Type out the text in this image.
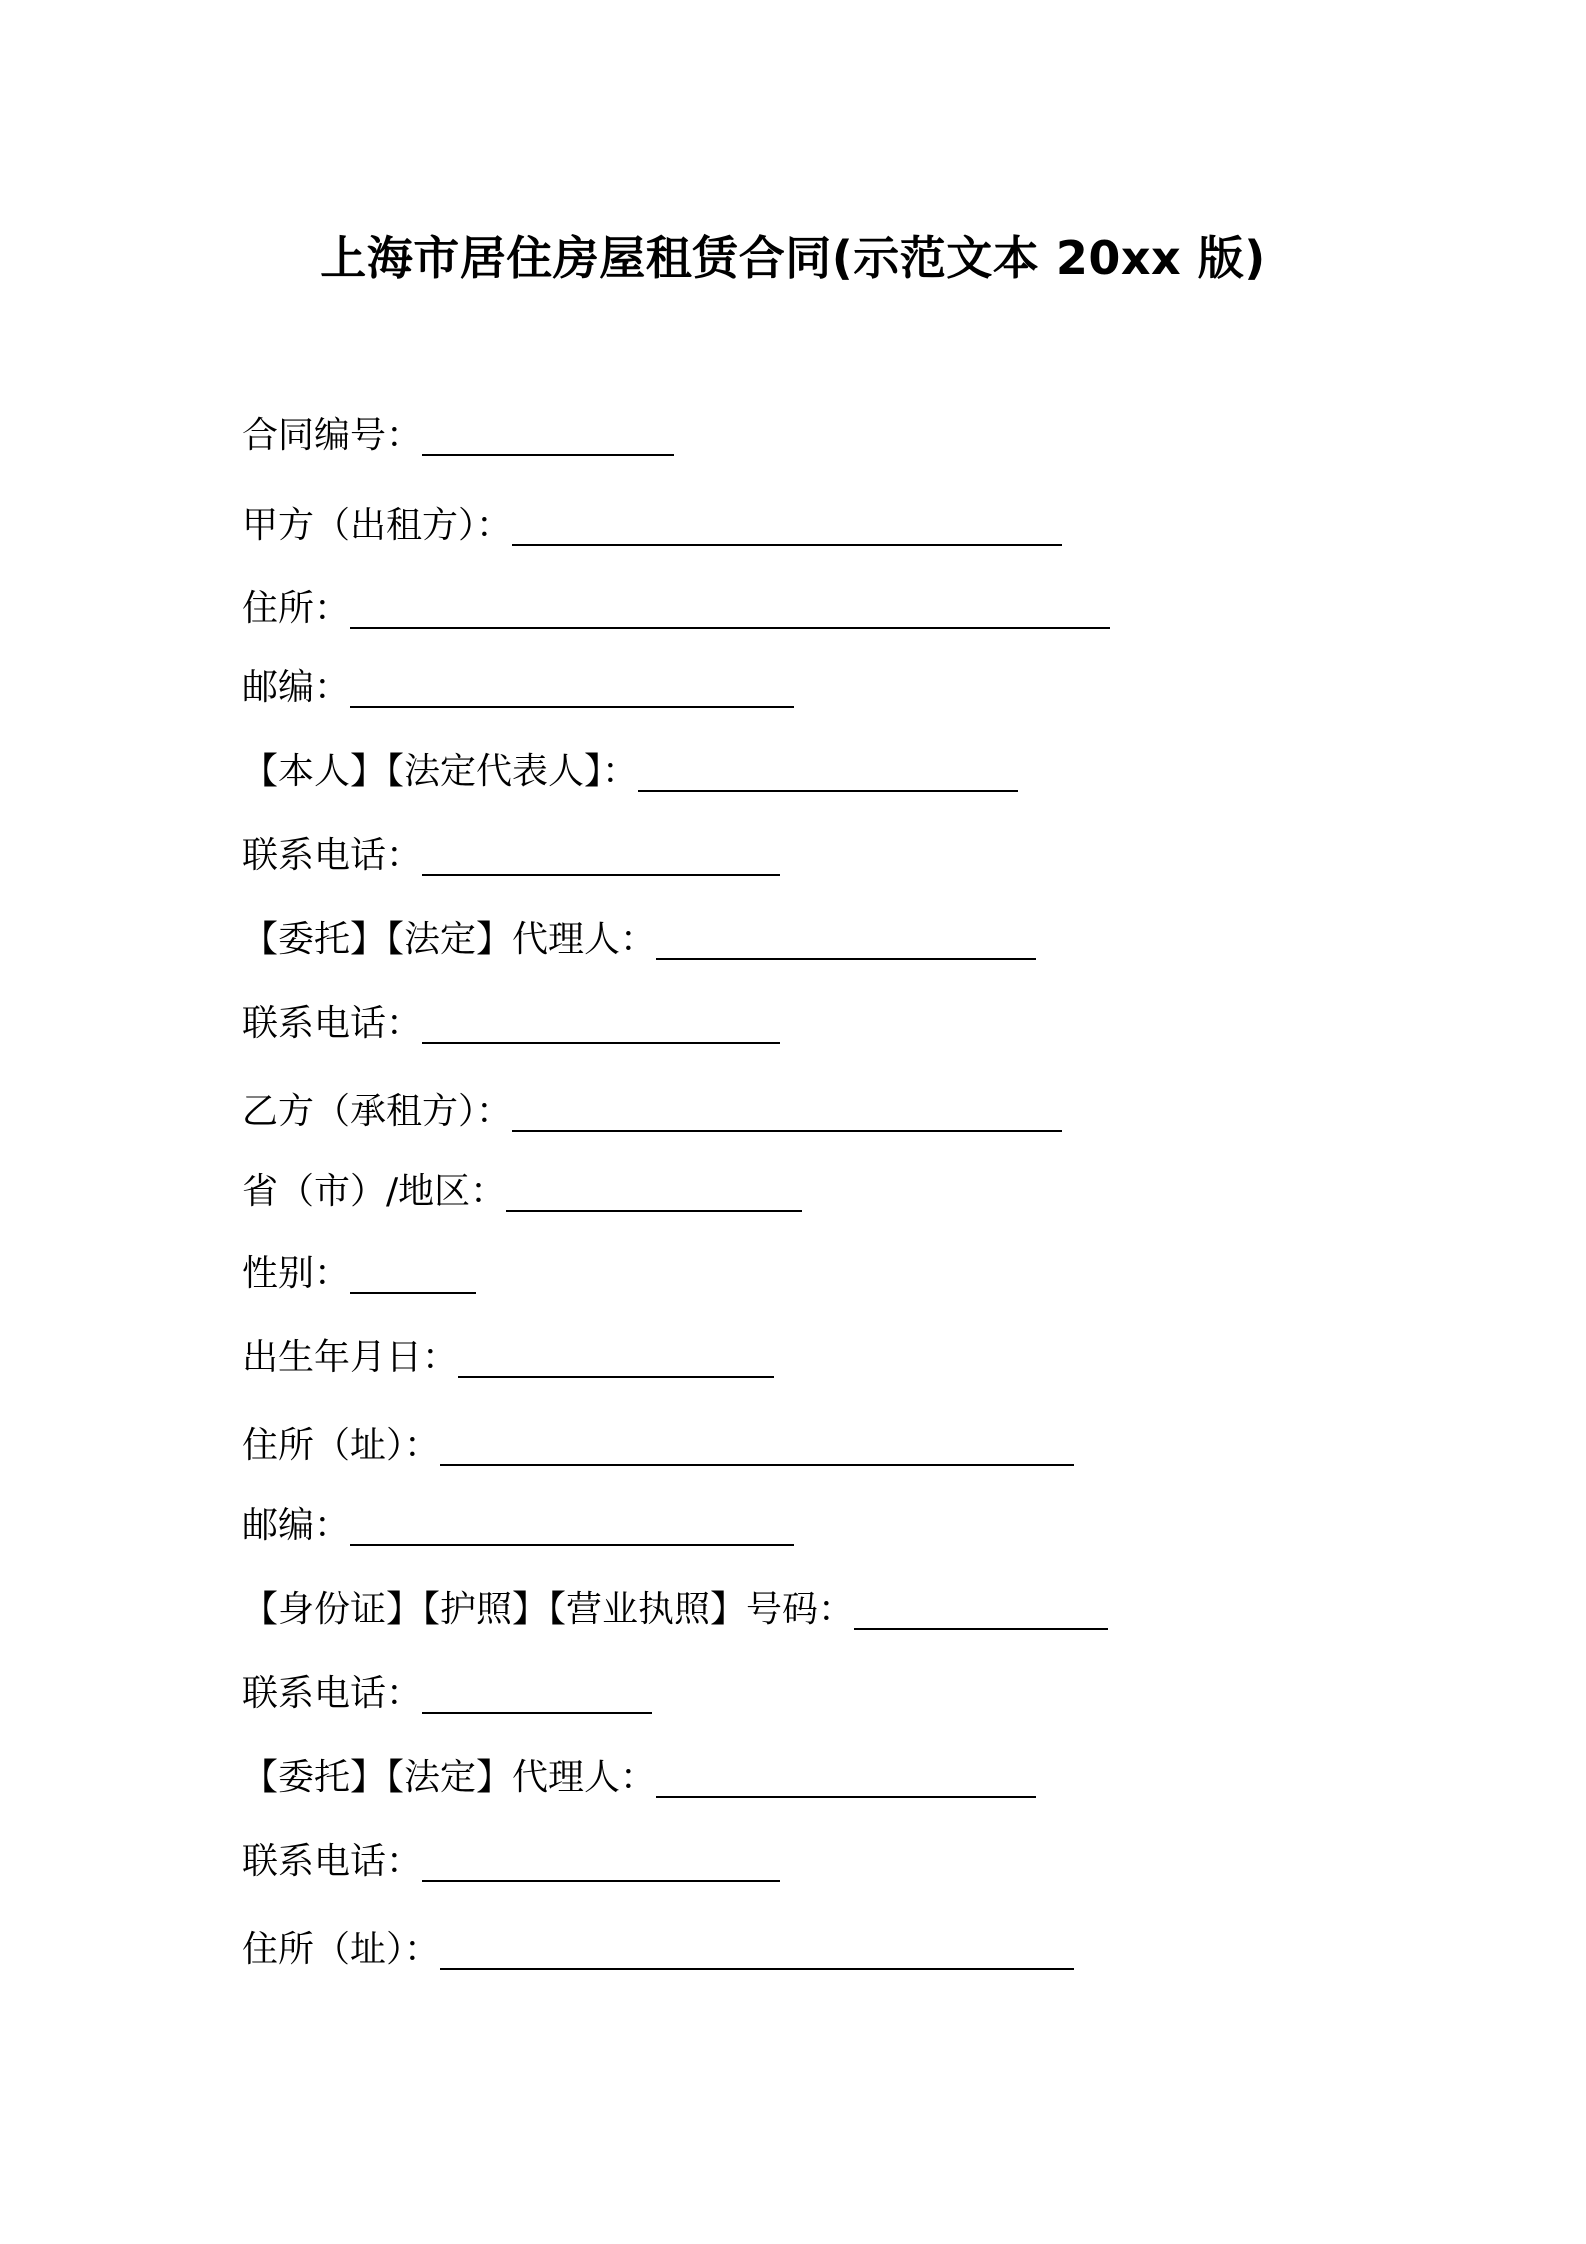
上海市居住房屋租赁合同(示范文本 20xx 版)
合同编号：
甲方（出租方）：
住所：
邮编：
【本人】【法定代表人】：
联系电话：
【委托】【法定】代理人：
联系电话：
乙方（承租方）：
省（市）/地区：
性别：
出生年月日：
住所（址）：
邮编：
【身份证】【护照】【营业执照】号码：
联系电话：
【委托】【法定】代理人：
联系电话：
住所（址）：
